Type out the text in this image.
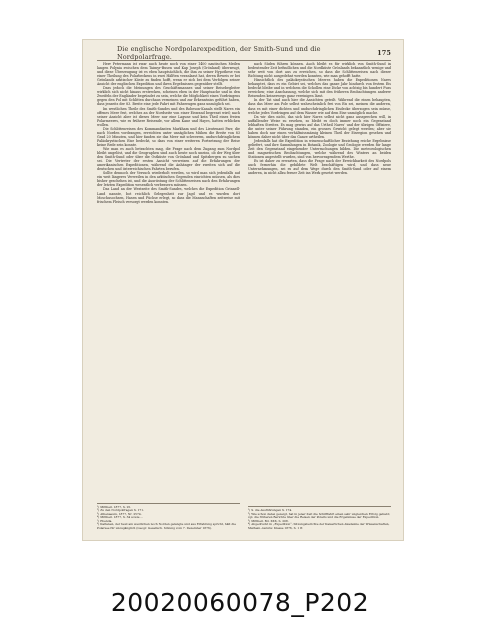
Die englische Nordpolarexpedition, der Smith-Sund und die Nordpolarfrage.	175

Herr Petermann ist zwar auch heute noch von einer 1400 nautischen Meilen langen Polynia zwischen dem Taimyr-Busen und Kap Joseph (Grönland) überzeugt, und diese Überzeugung ist es eben hauptsächlich, die ihm zu seiner Hypothese von einer Theilung des Polarbeckens in zwei Hälften veranlasst hat, deren Beweis er bei Grönlands arktischer Küste zu finden hofft, wenn er sich bei dem Verfolgen seiner Ansicht der englischen Expedition und ihren Ergebnissen gegenüber stellt.

Dass jedoch die Meinungen des Geschäftsmannes und seiner Reisebegleiter wirklich sich nicht hinaus erstrecken, scheinen eben in der Hauptsache und in den Zweifeln der Engländer begründet zu sein, welche die Möglichkeit eines Vordringens gegen den Pol mit Schlitten durchaus verneinen und zur Erkenntniss geführt haben, dass jenseits der 83. Breite eine jede Fahrt mit Fahrzeugen ganz unmöglich sei.

Im westlichen Theile des Smith-Sundes und des Robeson-Kanals stellt Nares ein offenes Meer fest, welches an der Nordseite von einer Eiswand begrenzt wird; nach seiner Ansicht aber ist dieses Meer nur eine Lagune und kein Theil eines freien Polarmeeres, wie es frühere Reisende, vor allem Kane und Hayes, hatten erblicken wollen.

Die Schlittenreisen des Kommandanten Markham und des Lieutenant Parr, die nach Norden vordrangen, erreichten unter unsäglichen Mühen die Breite von 83 Grad 20 Minuten, und hier fanden sie das Meer mit schwerem, undurchdringlichem Paläokrystischen Eise bedeckt, so dass von einer weiteren Fortsetzung der Reise keine Rede sein konnte.

Wie man es auch betrachten mag, die Frage nach dem Zugang zum Nordpol bleibt ungelöst, und die Geographen sind auch heute noch uneins, ob der Weg über den Smith-Sund oder über die Ostküste von Grönland und Spitzbergen zu suchen sei. Die Vertreter der ersten Ansicht verweisen auf die Erfahrungen der amerikanischen Expeditionen, während die Anhänger der zweiten sich auf die deutschen und österreichischen Fahrten berufen.

Sollte dennoch der Versuch wiederholt werden, so wird man sich jedenfalls auf ein weit längeres Verweilen in den arktischen Gegenden einrichten müssen, als dies bisher geschehen ist, und die Ausrüstung der Schlittenreisen nach den Erfahrungen der letzten Expedition wesentlich verbessern müssen.

Das Land an der Westseite des Smith-Sundes, welches die Expedition Grinnell-Land nannte, bot reichlich Gelegenheit zur Jagd und es wurden dort Moschusochsen, Hasen und Füchse erlegt, so dass die Mannschaften zeitweise mit frischem Fleisch versorgt werden konnten.

¹) Mittheil. 1877, S. 25.

²) Zu den Nordpolfragen S. 171.

³) Athenaeum, 1877, Nr. 2574.

⁴) Mittheil. 1877, S. 34 sowie …

⁵) Ebenda.

⁶) Kaltanen, der heut am westlichen noch Norden gelangte und aus Erfahrung spricht, hält die Polarsee für unzugänglich (Geogr. Gesellsch. Sitzung vom 7. Dezember 1876).

nach Süden führen können. Auch bleibt es für wirklich von Smith-Sund in bedeutender Zeit befindlichen und die Nordküste Grönlands bekanntlich wenige und sehr weit von dort aus zu erreichen, so dass die Schlittenreisen nach dieser Richtung nicht ausgedehnt werden konnten, wie man gehofft hatte.

Hinsichtlich des paläokrystischen Meeres haben die Expeditionen Nares behauptet, dass es ein Gebiet sei, welches das ganze Jahr hindurch von festem Eis bedeckt bleibe und in welchem die Schollen eine Dicke von achtzig bis hundert Fuss erreichen; eine Anschauung, welche sich mit den früheren Beobachtungen anderer Reisenden keineswegs ganz vereinigen lässt.

In der Tat sind auch hier die Ansichten geteilt. Während die einen behaupten, dass das Meer am Pole selbst wahrscheinlich frei von Eis sei, meinen die anderen, dass es mit einer dichten und undurchdringlichen Eisdecke überzogen sein müsse, welche jedes Vordringen auf dem Wasser wie auf dem Eise unmöglich mache.

Da wir dies nicht, das sich hier Nares selbst nicht ganz aussprechen will, in auffallender Weise zu ersehen, so bleibt es doch immer noch ein Gegenstand lebhaften Streites. Es mag gewiss auf das Urtheil Nares’ und der übrigen Offiziere, die unter seiner Führung standen, ein grosses Gewicht gelegt werden; aber sie haben doch nur einen verhältnissmässig kleinen Theil der Eisregion gesehen und können daher nicht über das Ganze urtheilen.

Jedenfalls hat die Expedition in wissenschaftlicher Beziehung reiche Ergebnisse geliefert, und ihre Sammlungen in Botanik, Zoologie und Geologie werden für lange Zeit den Gegenstand eingehender Untersuchungen bilden. Die meteorologischen und magnetischen Beobachtungen, welche während des Winters an beiden Stationen angestellt wurden, sind von hervorragendem Werthe.

Es ist daher zu erwarten, dass die Frage nach der Erreichbarkeit des Nordpols auch fernerhin die gebildete Welt beschäftigen wird, und dass neue Unternehmungen, sei es auf dem Wege durch den Smith-Sund oder auf einem anderen, in nicht allzu ferner Zeit ins Werk gesetzt werden.

¹) S. die Ausführungen S. 174.

²) Wie schon dabei gezeigt, hat in jener Zeit die Schifffahrt einen sehr ungleichen Erfolg gehabt; vgl. die früheren Berichte über die Reisen der Polaris und die Ergebnisse der Expedition.

³) Mittheil. Bd. XXX, S. 208.

⁴) Abgedruckt in „Expedition“, Sitzungsberichte der Kaiserlichen Akademie der Wissenschaften, Mathem.-naturw. Klasse 1876, S. 1 ff.

20020060078_P202
